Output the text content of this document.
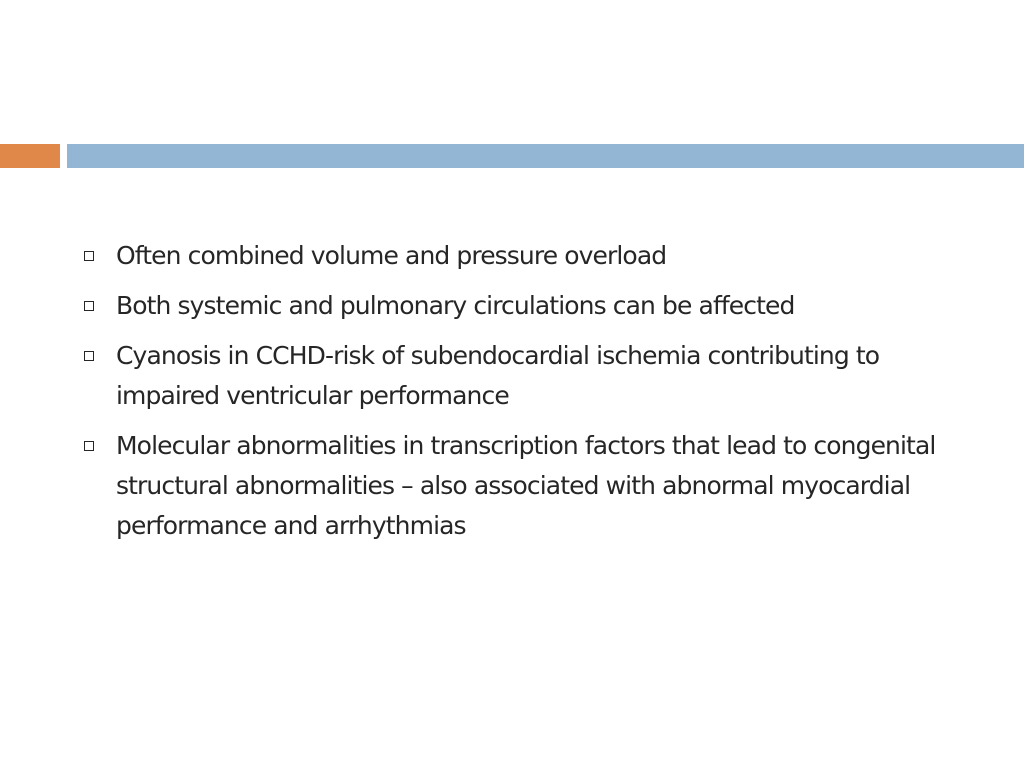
Often combined volume and pressure overload
Both systemic and pulmonary circulations can be affected
Cyanosis in CCHD-risk of subendocardial ischemia contributing to impaired ventricular performance
Molecular abnormalities in transcription factors that lead to congenital structural abnormalities – also associated with abnormal myocardial performance and arrhythmias
